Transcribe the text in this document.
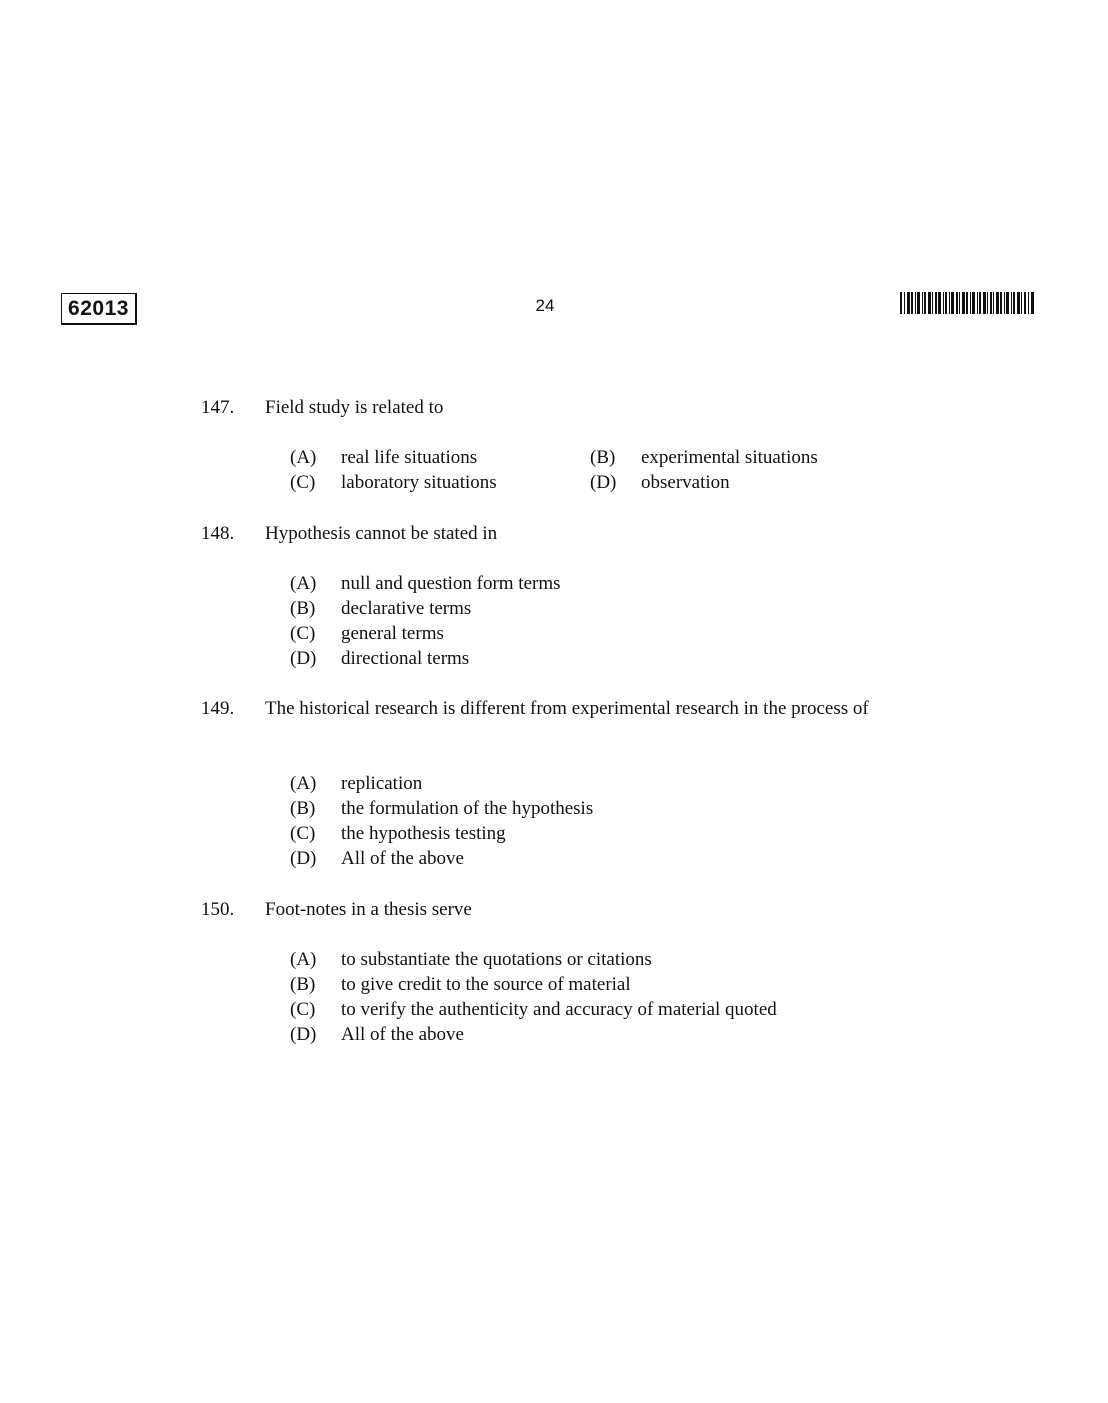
62013	24
147. Field study is related to
(A) real life situations	(B) experimental situations
(C) laboratory situations	(D) observation
148. Hypothesis cannot be stated in
(A) null and question form terms
(B) declarative terms
(C) general terms
(D) directional terms
149. The historical research is different from experimental research in the process of
(A) replication
(B) the formulation of the hypothesis
(C) the hypothesis testing
(D) All of the above
150. Foot-notes in a thesis serve
(A) to substantiate the quotations or citations
(B) to give credit to the source of material
(C) to verify the authenticity and accuracy of material quoted
(D) All of the above
